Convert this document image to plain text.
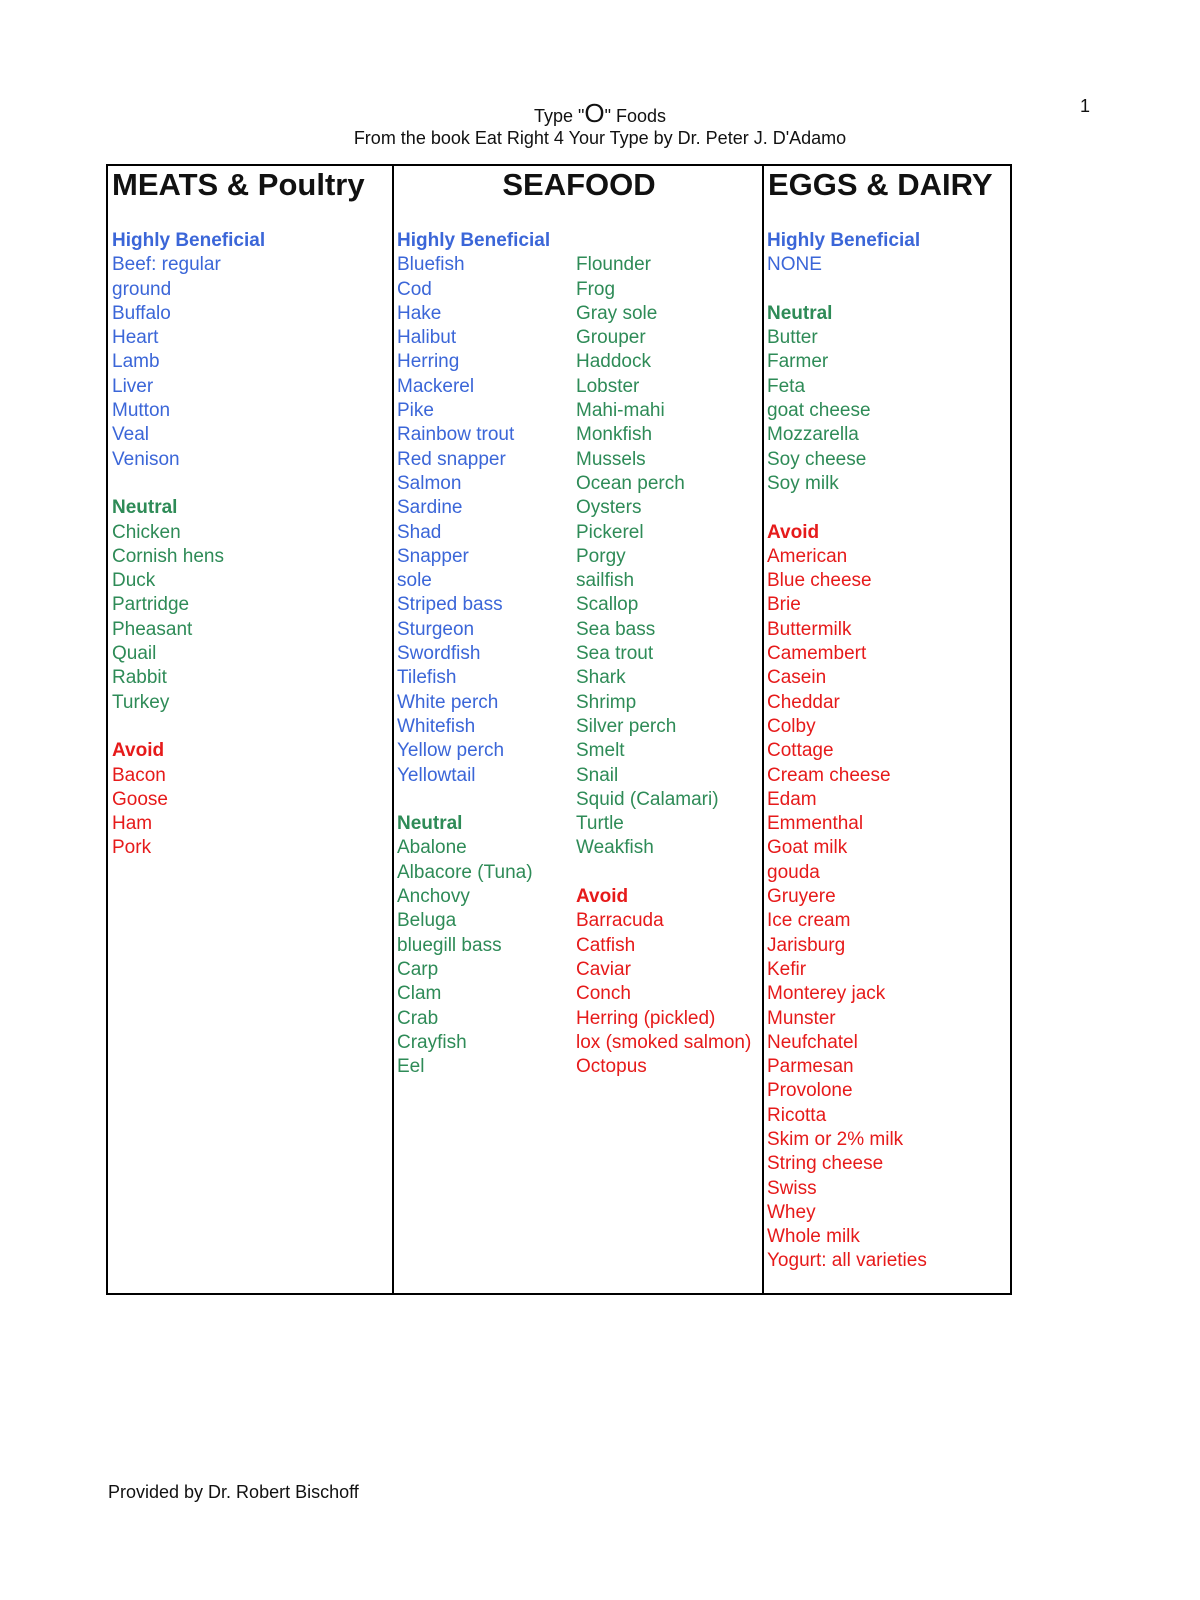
1
Type "O" Foods
From the book Eat Right 4 Your Type by Dr. Peter J. D'Adamo
MEATS & Poultry
Highly Beneficial
Beef: regular
ground
Buffalo
Heart
Lamb
Liver
Mutton
Veal
Venison
Neutral
Chicken
Cornish hens
Duck
Partridge
Pheasant
Quail
Rabbit
Turkey
Avoid
Bacon
Goose
Ham
Pork
SEAFOOD
Highly Beneficial
Bluefish
Cod
Hake
Halibut
Herring
Mackerel
Pike
Rainbow trout
Red snapper
Salmon
Sardine
Shad
Snapper
sole
Striped bass
Sturgeon
Swordfish
Tilefish
White perch
Whitefish
Yellow perch
Yellowtail
Neutral
Abalone
Albacore (Tuna)
Anchovy
Beluga
bluegill bass
Carp
Clam
Crab
Crayfish
Eel
Flounder
Frog
Gray sole
Grouper
Haddock
Lobster
Mahi-mahi
Monkfish
Mussels
Ocean perch
Oysters
Pickerel
Porgy
sailfish
Scallop
Sea bass
Sea trout
Shark
Shrimp
Silver perch
Smelt
Snail
Squid (Calamari)
Turtle
Weakfish
Avoid
Barracuda
Catfish
Caviar
Conch
Herring (pickled)
lox (smoked salmon)
Octopus
EGGS & DAIRY
Highly Beneficial
NONE
Neutral
Butter
Farmer
Feta
goat cheese
Mozzarella
Soy cheese
Soy milk
Avoid
American
Blue cheese
Brie
Buttermilk
Camembert
Casein
Cheddar
Colby
Cottage
Cream cheese
Edam
Emmenthal
Goat milk
gouda
Gruyere
Ice cream
Jarisburg
Kefir
Monterey jack
Munster
Neufchatel
Parmesan
Provolone
Ricotta
Skim or 2% milk
String cheese
Swiss
Whey
Whole milk
Yogurt: all varieties
Provided by Dr. Robert Bischoff
